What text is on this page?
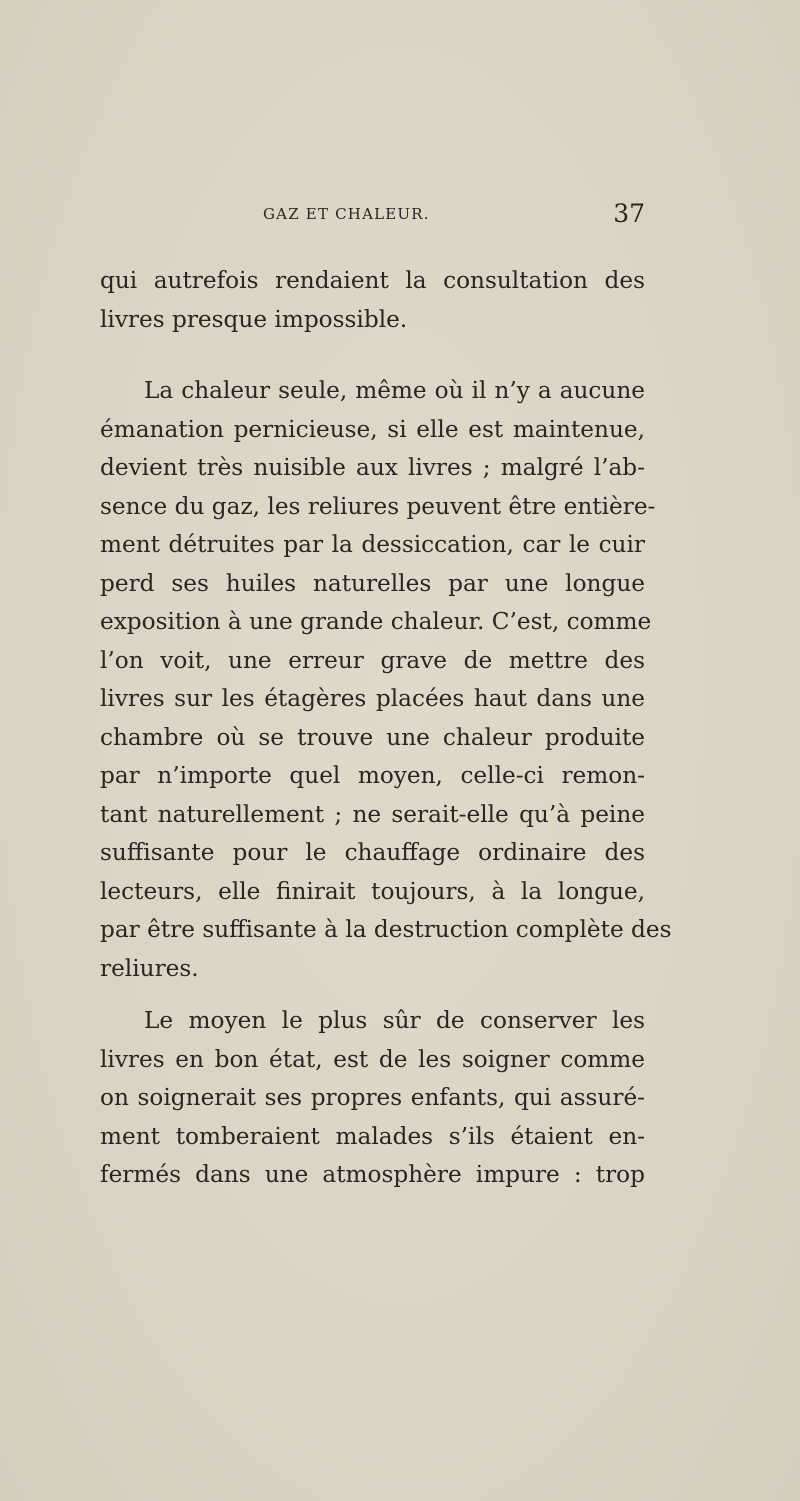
GAZ ET CHALEUR.	37
qui autrefois rendaient la consultation des
livres presque impossible.
La chaleur seule, même où il n’y a aucune
émanation pernicieuse, si elle est maintenue,
devient très nuisible aux livres ; malgré l’ab-
sence du gaz, les reliures peuvent être entière-
ment détruites par la dessiccation, car le cuir
perd ses huiles naturelles par une longue
exposition à une grande chaleur. C’est, comme
l’on voit, une erreur grave de mettre des
livres sur les étagères placées haut dans une
chambre où se trouve une chaleur produite
par n’importe quel moyen, celle-ci remon-
tant naturellement ; ne serait-elle qu’à peine
suffisante pour le chauffage ordinaire des
lecteurs, elle finirait toujours, à la longue,
par être suffisante à la destruction complète des
reliures.
Le moyen le plus sûr de conserver les
livres en bon état, est de les soigner comme
on soignerait ses propres enfants, qui assuré-
ment tomberaient malades s’ils étaient en-
fermés dans une atmosphère impure : trop
